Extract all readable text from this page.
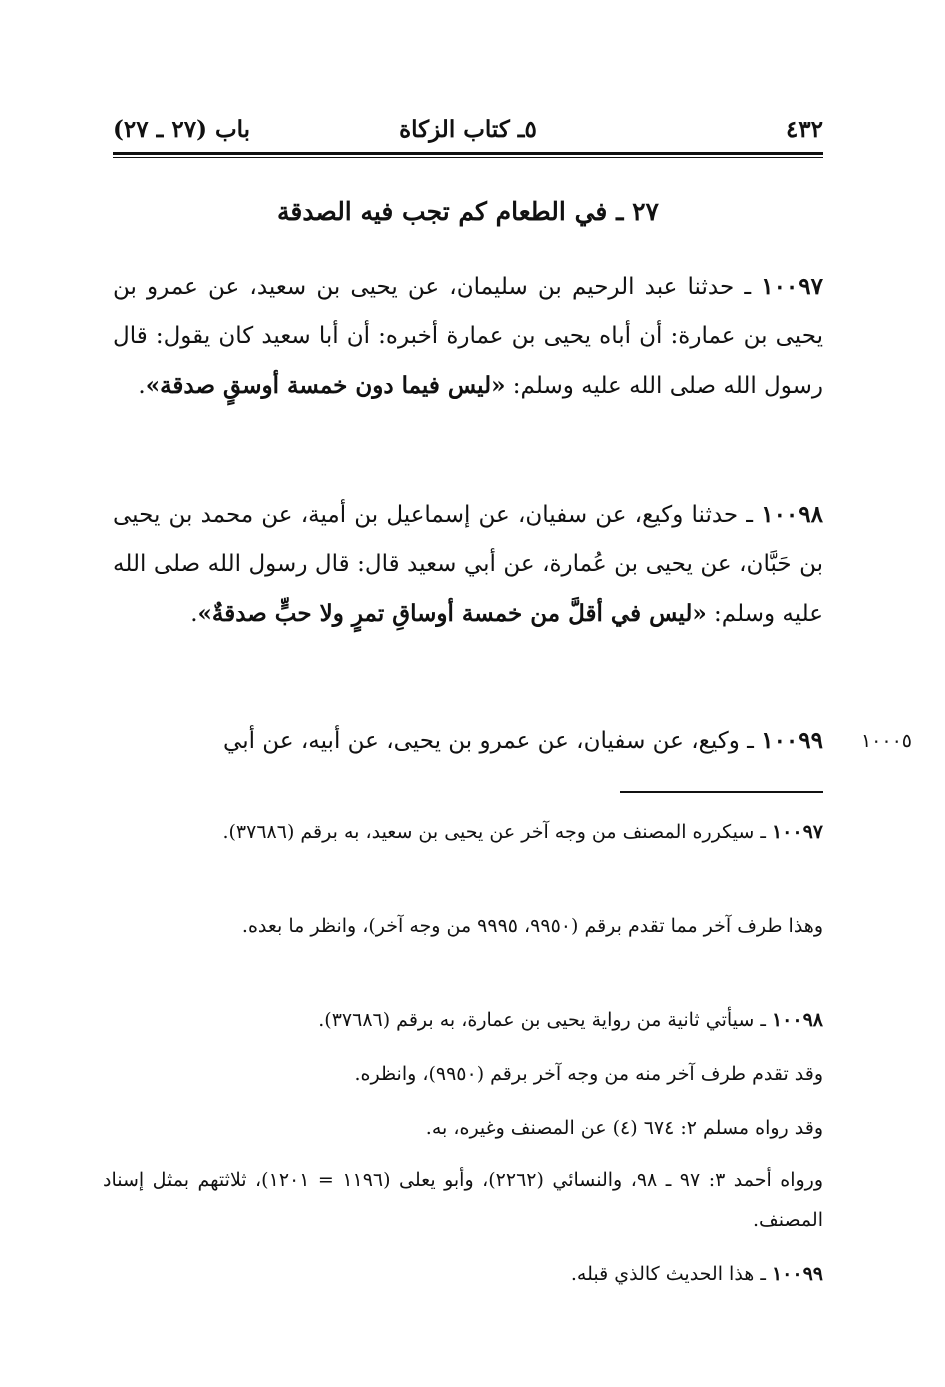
٤٣٢
٥ـ كتاب الزكاة
باب (٢٧ ـ ٢٧)
٢٧ ـ في الطعام كم تجب فيه الصدقة
١٠٠٩٧ ـ حدثنا عبد الرحيم بن سليمان، عن يحيى بن سعيد، عن عمرو بن يحيى بن عمارة: أن أباه يحيى بن عمارة أخبره: أن أبا سعيد كان يقول: قال رسول الله صلى الله عليه وسلم: «ليس فيما دون خمسة أوسقٍ صدقة».
١٠٠٩٨ ـ حدثنا وكيع، عن سفيان، عن إسماعيل بن أمية، عن محمد بن يحيى بن حَبَّان، عن يحيى بن عُمارة، عن أبي سعيد قال: قال رسول الله صلى الله عليه وسلم: «ليس في أقلَّ من خمسة أوساقِ تمرٍ ولا حبٍّ صدقةٌ».
١٠٠٩٩ ـ وكيع، عن سفيان، عن عمرو بن يحيى، عن أبيه، عن أبي	١٠٠٠٥
١٠٠٩٧ ـ سيكرره المصنف من وجه آخر عن يحيى بن سعيد، به برقم (٣٧٦٨٦).
وهذا طرف آخر مما تقدم برقم (٩٩٥٠، ٩٩٩٥ من وجه آخر)، وانظر ما بعده.
١٠٠٩٨ ـ سيأتي ثانية من رواية يحيى بن عمارة، به برقم (٣٧٦٨٦).
وقد تقدم طرف آخر منه من وجه آخر برقم (٩٩٥٠)، وانظره.
وقد رواه مسلم ٢: ٦٧٤ (٤) عن المصنف وغيره، به.
ورواه أحمد ٣: ٩٧ ـ ٩٨، والنسائي (٢٢٦٢)، وأبو يعلى (١١٩٦ = ١٢٠١)، ثلاثتهم بمثل إسناد المصنف.
١٠٠٩٩ ـ هذا الحديث كالذي قبله.
